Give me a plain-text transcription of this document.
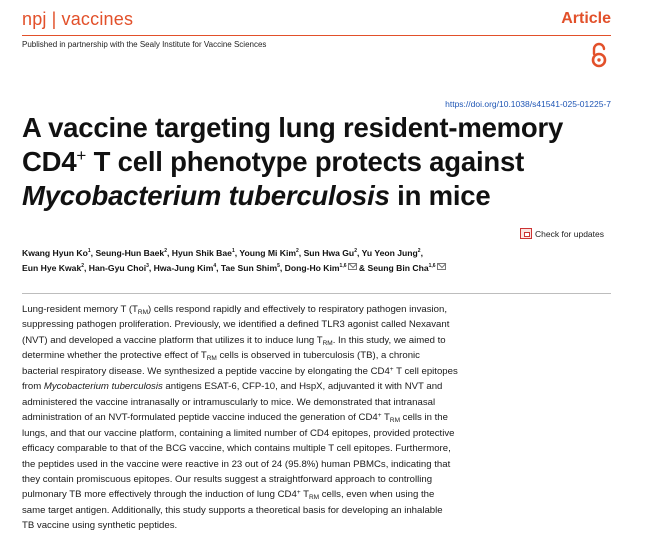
npj | vaccines	Article
Published in partnership with the Sealy Institute for Vaccine Sciences
https://doi.org/10.1038/s41541-025-01225-7
A vaccine targeting lung resident-memory
CD4+ T cell phenotype protects against
Mycobacterium tuberculosis in mice
Check for updates
Kwang Hyun Ko$^1$, Seung-Hun Baek$^2$, Hyun Shik Bae$^1$, Young Mi Kim$^2$, Sun Hwa Gu$^2$, Yu Yeon Jung$^2$,
Eun Hye Kwak$^2$, Han-Gyu Choi$^3$, Hwa-Jung Kim$^4$, Tae Sun Shim$^5$, Dong-Ho Kim$^{1,6}$ & Seung Bin Cha$^{1,6}$
Lung-resident memory T $(T_{RM})$ cells respond rapidly and effectively to respiratory pathogen invasion,
suppressing pathogen proliferation. Previously, we identified a defined TLR3 agonist called Nexavant
(NVT) and developed a vaccine platform that utilizes it to induce lung $T_{RM}$. In this study, we aimed to
determine whether the protective effect of $T_{RM}$ cells is observed in tuberculosis (TB), a chronic
bacterial respiratory disease. We synthesized a peptide vaccine by elongating the CD4+ T cell epitopes
from Mycobacterium tuberculosis antigens ESAT-6, CFP-10, and HspX, adjuvanted it with NVT and
administered the vaccine intranasally or intramuscularly to mice. We demonstrated that intranasal
administration of an NVT-formulated peptide vaccine induced the generation of CD4+ $T_{RM}$ cells in the
lungs, and that our vaccine platform, containing a limited number of CD4 epitopes, provided protective
efficacy comparable to that of the BCG vaccine, which contains multiple T cell epitopes. Furthermore,
the peptides used in the vaccine were reactive in 23 out of 24 (95.8%) human PBMCs, indicating that
they contain promiscuous epitopes. Our results suggest a straightforward approach to controlling
pulmonary TB more effectively through the induction of lung CD4+ $T_{RM}$ cells, even when using the
same target antigen. Additionally, this study supports a theoretical basis for developing an inhalable
TB vaccine using synthetic peptides.
